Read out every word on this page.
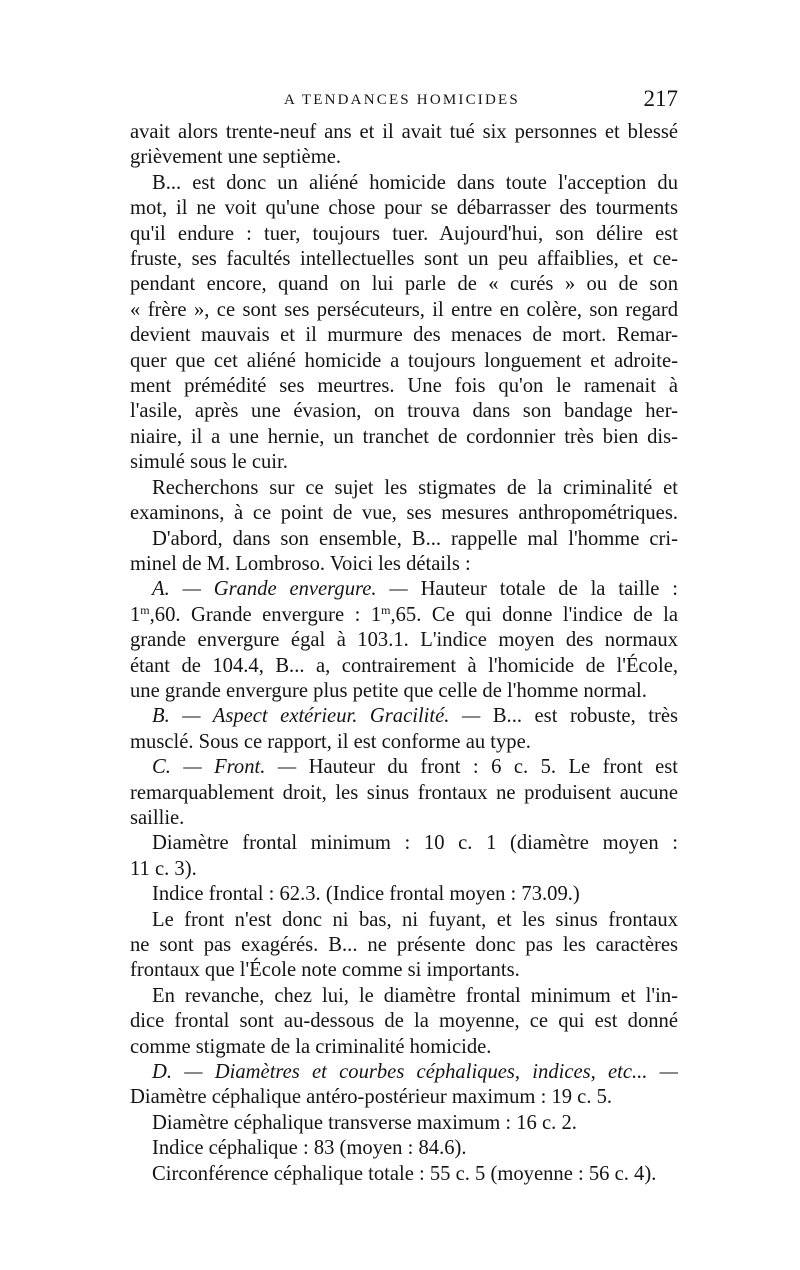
A TENDANCES HOMICIDES	217
avait alors trente-neuf ans et il avait tué six personnes et blessé
grièvement une septième.
B... est donc un aliéné homicide dans toute l'acception du
mot, il ne voit qu'une chose pour se débarrasser des tourments
qu'il endure : tuer, toujours tuer. Aujourd'hui, son délire est
fruste, ses facultés intellectuelles sont un peu affaiblies, et ce-
pendant encore, quand on lui parle de « curés » ou de son
« frère », ce sont ses persécuteurs, il entre en colère, son regard
devient mauvais et il murmure des menaces de mort. Remar-
quer que cet aliéné homicide a toujours longuement et adroite-
ment prémédité ses meurtres. Une fois qu'on le ramenait à
l'asile, après une évasion, on trouva dans son bandage her-
niaire, il a une hernie, un tranchet de cordonnier très bien dis-
simulé sous le cuir.
Recherchons sur ce sujet les stigmates de la criminalité et
examinons, à ce point de vue, ses mesures anthropométriques.
D'abord, dans son ensemble, B... rappelle mal l'homme cri-
minel de M. Lombroso. Voici les détails :
A. — Grande envergure. — Hauteur totale de la taille :
1$^m$,60. Grande envergure : 1$^m$,65. Ce qui donne l'indice de la
grande envergure égal à 103.1. L'indice moyen des normaux
étant de 104.4, B... a, contrairement à l'homicide de l'École,
une grande envergure plus petite que celle de l'homme normal.
B. — Aspect extérieur. Gracilité. — B... est robuste, très
musclé. Sous ce rapport, il est conforme au type.
C. — Front. — Hauteur du front : 6 c. 5. Le front est
remarquablement droit, les sinus frontaux ne produisent aucune
saillie.
Diamètre frontal minimum : 10 c. 1 (diamètre moyen :
11 c. 3).
Indice frontal : 62.3. (Indice frontal moyen : 73.09.)
Le front n'est donc ni bas, ni fuyant, et les sinus frontaux
ne sont pas exagérés. B... ne présente donc pas les caractères
frontaux que l'École note comme si importants.
En revanche, chez lui, le diamètre frontal minimum et l'in-
dice frontal sont au-dessous de la moyenne, ce qui est donné
comme stigmate de la criminalité homicide.
D. — Diamètres et courbes céphaliques, indices, etc... —
Diamètre céphalique antéro-postérieur maximum : 19 c. 5.
Diamètre céphalique transverse maximum : 16 c. 2.
Indice céphalique : 83 (moyen : 84.6).
Circonférence céphalique totale : 55 c. 5 (moyenne : 56 c. 4).
